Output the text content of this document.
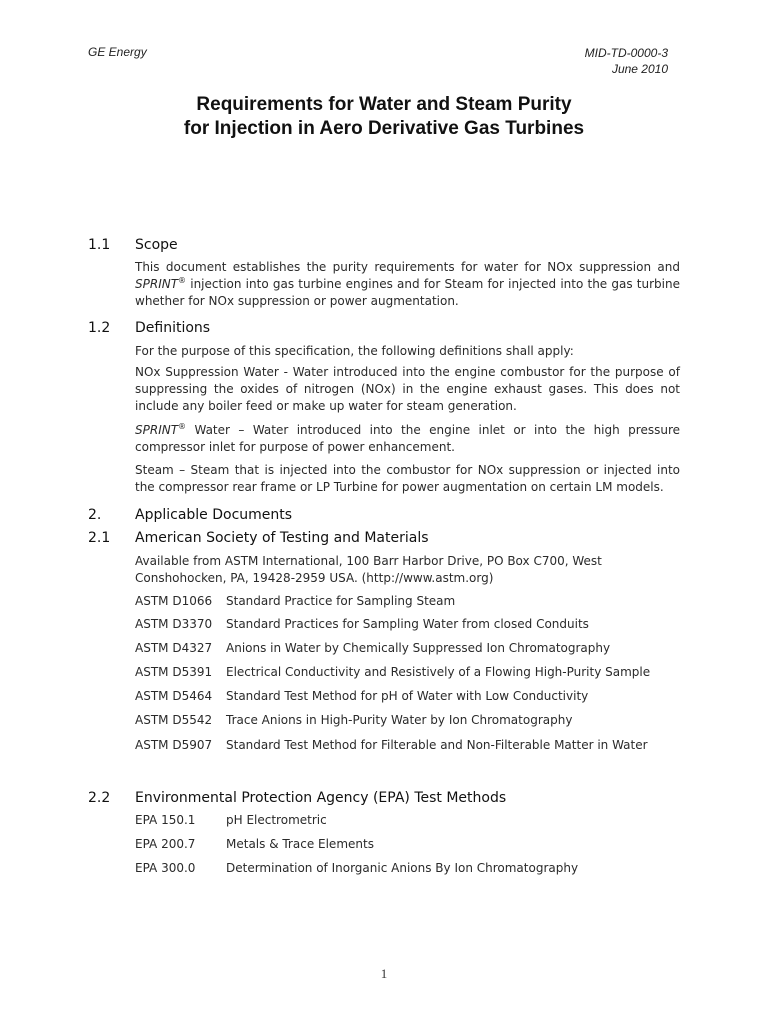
GE Energy	MID-TD-0000-3
June 2010
Requirements for Water and Steam Purity
for Injection in Aero Derivative Gas Turbines
1.1 Scope
This document establishes the purity requirements for water for NOx suppression and SPRINT® injection into gas turbine engines and for Steam for injected into the gas turbine whether for NOx suppression or power augmentation.
1.2 Definitions
For the purpose of this specification, the following definitions shall apply:
NOx Suppression Water - Water introduced into the engine combustor for the purpose of suppressing the oxides of nitrogen (NOx) in the engine exhaust gases. This does not include any boiler feed or make up water for steam generation.
SPRINT® Water – Water introduced into the engine inlet or into the high pressure compressor inlet for purpose of power enhancement.
Steam – Steam that is injected into the combustor for NOx suppression or injected into the compressor rear frame or LP Turbine for power augmentation on certain LM models.
2. Applicable Documents
2.1 American Society of Testing and Materials
Available from ASTM International, 100 Barr Harbor Drive, PO Box C700, West Conshohocken, PA, 19428-2959 USA. (http://www.astm.org)
ASTM D1066 Standard Practice for Sampling Steam
ASTM D3370 Standard Practices for Sampling Water from closed Conduits
ASTM D4327 Anions in Water by Chemically Suppressed Ion Chromatography
ASTM D5391 Electrical Conductivity and Resistively of a Flowing High-Purity Sample
ASTM D5464 Standard Test Method for pH of Water with Low Conductivity
ASTM D5542 Trace Anions in High-Purity Water by Ion Chromatography
ASTM D5907 Standard Test Method for Filterable and Non-Filterable Matter in Water
2.2 Environmental Protection Agency (EPA) Test Methods
EPA 150.1	pH Electrometric
EPA 200.7	Metals & Trace Elements
EPA 300.0	Determination of Inorganic Anions By Ion Chromatography
1
